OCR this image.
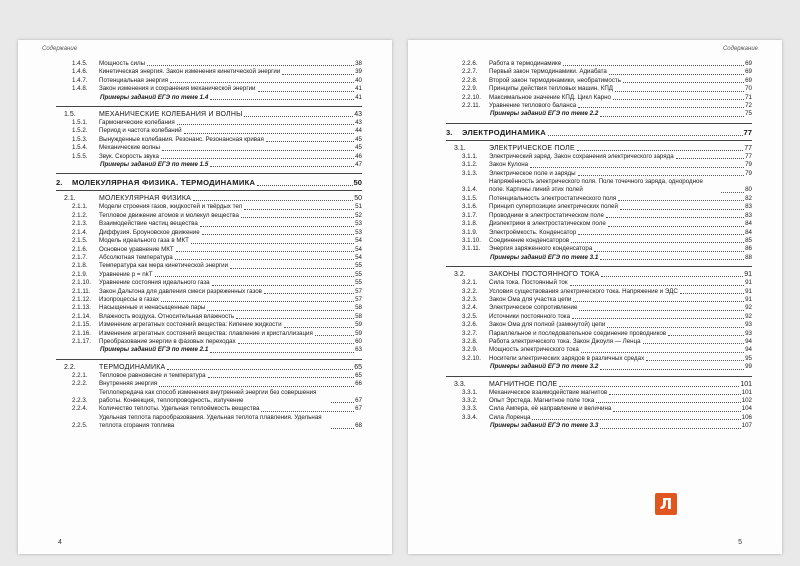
Содержание
1.4.5.	Мощность силы	38
1.4.6.	Кинетическая энергия. Закон изменения кинетической энергии	39
1.4.7.	Потенциальная энергия	40
1.4.8.	Закон изменения и сохранения механической энергии	41
Примеры заданий ЕГЭ по теме 1.4	41
1.5.	МЕХАНИЧЕСКИЕ КОЛЕБАНИЯ И ВОЛНЫ	43
1.5.1.	Гармонические колебания	43
1.5.2.	Период и частота колебаний	44
1.5.3.	Вынужденные колебания. Резонанс. Резонансная кривая	45
1.5.4.	Механические волны	45
1.5.5.	Звук. Скорость звука	46
Примеры заданий ЕГЭ по теме 1.5	47
2.	МОЛЕКУЛЯРНАЯ ФИЗИКА. ТЕРМОДИНАМИКА	50
2.1.	МОЛЕКУЛЯРНАЯ ФИЗИКА	50
2.1.1.	Модели строения газов, жидкостей и твёрдых тел	51
2.1.2.	Тепловое движение атомов и молекул вещества	52
2.1.3.	Взаимодействие частиц вещества	53
2.1.4.	Диффузия. Броуновское движение	53
2.1.5.	Модель идеального газа в МКТ	54
2.1.6.	Основное уравнение МКТ	54
2.1.7.	Абсолютная температура	54
2.1.8.	Температура как мера кинетической энергии	55
2.1.9.	Уравнение p = nkT	55
2.1.10.	Уравнение состояния идеального газа	55
2.1.11.	Закон Дальтона для давления смеси разреженных газов	57
2.1.12.	Изопроцессы в газах	57
2.1.13.	Насыщенные и ненасыщенные пары	58
2.1.14.	Влажность воздуха. Относительная влажность	58
2.1.15.	Изменение агрегатных состояний вещества: Кипение жидкости	59
2.1.16.	Изменение агрегатных состояний вещества: плавление и кристаллизация	59
2.1.17.	Преобразование энергии в фазовых переходах	60
Примеры заданий ЕГЭ по теме 2.1	63
2.2.	ТЕРМОДИНАМИКА	65
2.2.1.	Тепловое равновесие и температура	65
2.2.2.	Внутренняя энергия	66
2.2.3.
Теплопередача как способ изменения внутренней энергии без совершения работы. Конвекция, теплопроводность, излучение	67
2.2.4.	Количество теплоты. Удельная теплоёмкость вещества	67
2.2.5.
Удельная теплота парообразования. Удельная теплота плавления. Удельная теплота сгорания топлива	68
4
Содержание
2.2.6.	Работа в термодинамике	69
2.2.7.	Первый закон термодинамики. Адиабата	69
2.2.8.	Второй закон термодинамики, необратимость	69
2.2.9.	Принципы действия тепловых машин. КПД	70
2.2.10.	Максимальное значение КПД. Цикл Карно	71
2.2.11.	Уравнение теплового баланса	72
Примеры заданий ЕГЭ по теме 2.2	75
3.	ЭЛЕКТРОДИНАМИКА	77
3.1.	ЭЛЕКТРИЧЕСКОЕ ПОЛЕ	77
3.1.1.	Электрический заряд. Закон сохранения электрического заряда	77
3.1.2.	Закон Кулона	79
3.1.3.	Электрическое поле и заряды	79
3.1.4.
Напряжённость электрического поля. Поле точечного заряда, однородное поле. Картины линий этих полей	80
3.1.5.	Потенциальность электростатического поля	82
3.1.6.	Принцип суперпозиции электрических полей	83
3.1.7.	Проводники в электростатическом поле	83
3.1.8.	Диэлектрики в электростатическом поле	84
3.1.9.	Электроёмкость. Конденсатор	84
3.1.10.	Соединение конденсаторов	85
3.1.11.	Энергия заряженного конденсатора	86
Примеры заданий ЕГЭ по теме 3.1	88
3.2.	ЗАКОНЫ ПОСТОЯННОГО ТОКА	91
3.2.1.	Сила тока. Постоянный ток	91
3.2.2.	Условия существования электрического тока. Напряжение и ЭДС	91
3.2.3.	Закон Ома для участка цепи	91
3.2.4.	Электрическое сопротивление	92
3.2.5.	Источники постоянного тока	92
3.2.6.	Закон Ома для полной (замкнутой) цепи	93
3.2.7.	Параллельное и последовательное соединение проводников	93
3.2.8.	Работа электрического тока. Закон Джоуля — Ленца	94
3.2.9.	Мощность электрического тока	94
3.2.10.	Носители электрических зарядов в различных средах	95
Примеры заданий ЕГЭ по теме 3.2	99
3.3.	МАГНИТНОЕ ПОЛЕ	101
3.3.1.	Механическое взаимодействие магнитов	101
3.3.2.	Опыт Эрстеда. Магнитное поле тока	102
3.3.3.	Сила Ампера, её направление и величина	104
3.3.4.	Сила Лоренца	106
Примеры заданий ЕГЭ по теме 3.3	107
5
Л
